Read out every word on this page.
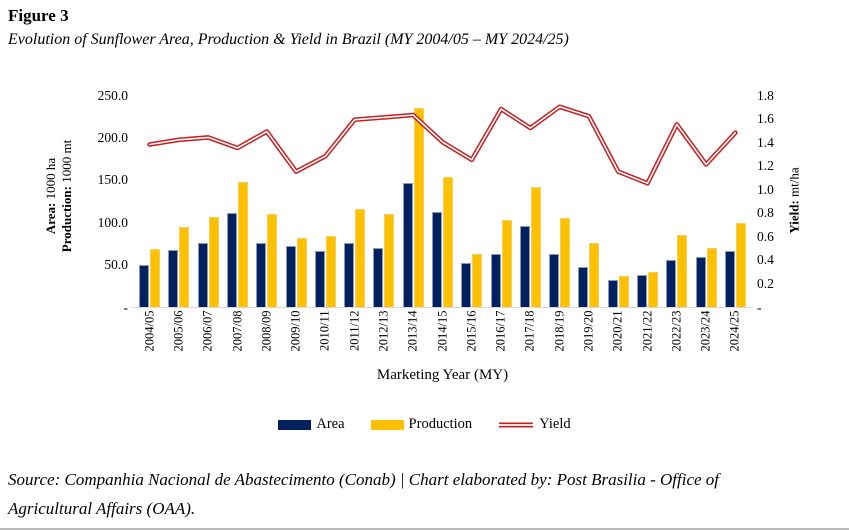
Figure 3
Evolution of Sunflower Area, Production & Yield in Brazil (MY 2004/05 – MY 2024/25)
Area: 1000 ha
Production: 1000 mt
Yield: mt/ha
250.0
200.0
150.0
100.0
50.0
-
1.8
1.6
1.4
1.2
1.0
0.8
0.6
0.4
0.2
-
2004/05 2005/06 2006/07 2007/08 2008/09 2009/10 2010/11 2011/12 2012/13 2013/14 2014/15 2015/16 2016/17 2017/18 2018/19 2019/20 2020/21 2021/22 2022/23 2023/24 2024/25
Marketing Year (MY)
Area	Production	Yield
Source: Companhia Nacional de Abastecimento (Conab) | Chart elaborated by: Post Brasilia - Office of
Agricultural Affairs (OAA).
